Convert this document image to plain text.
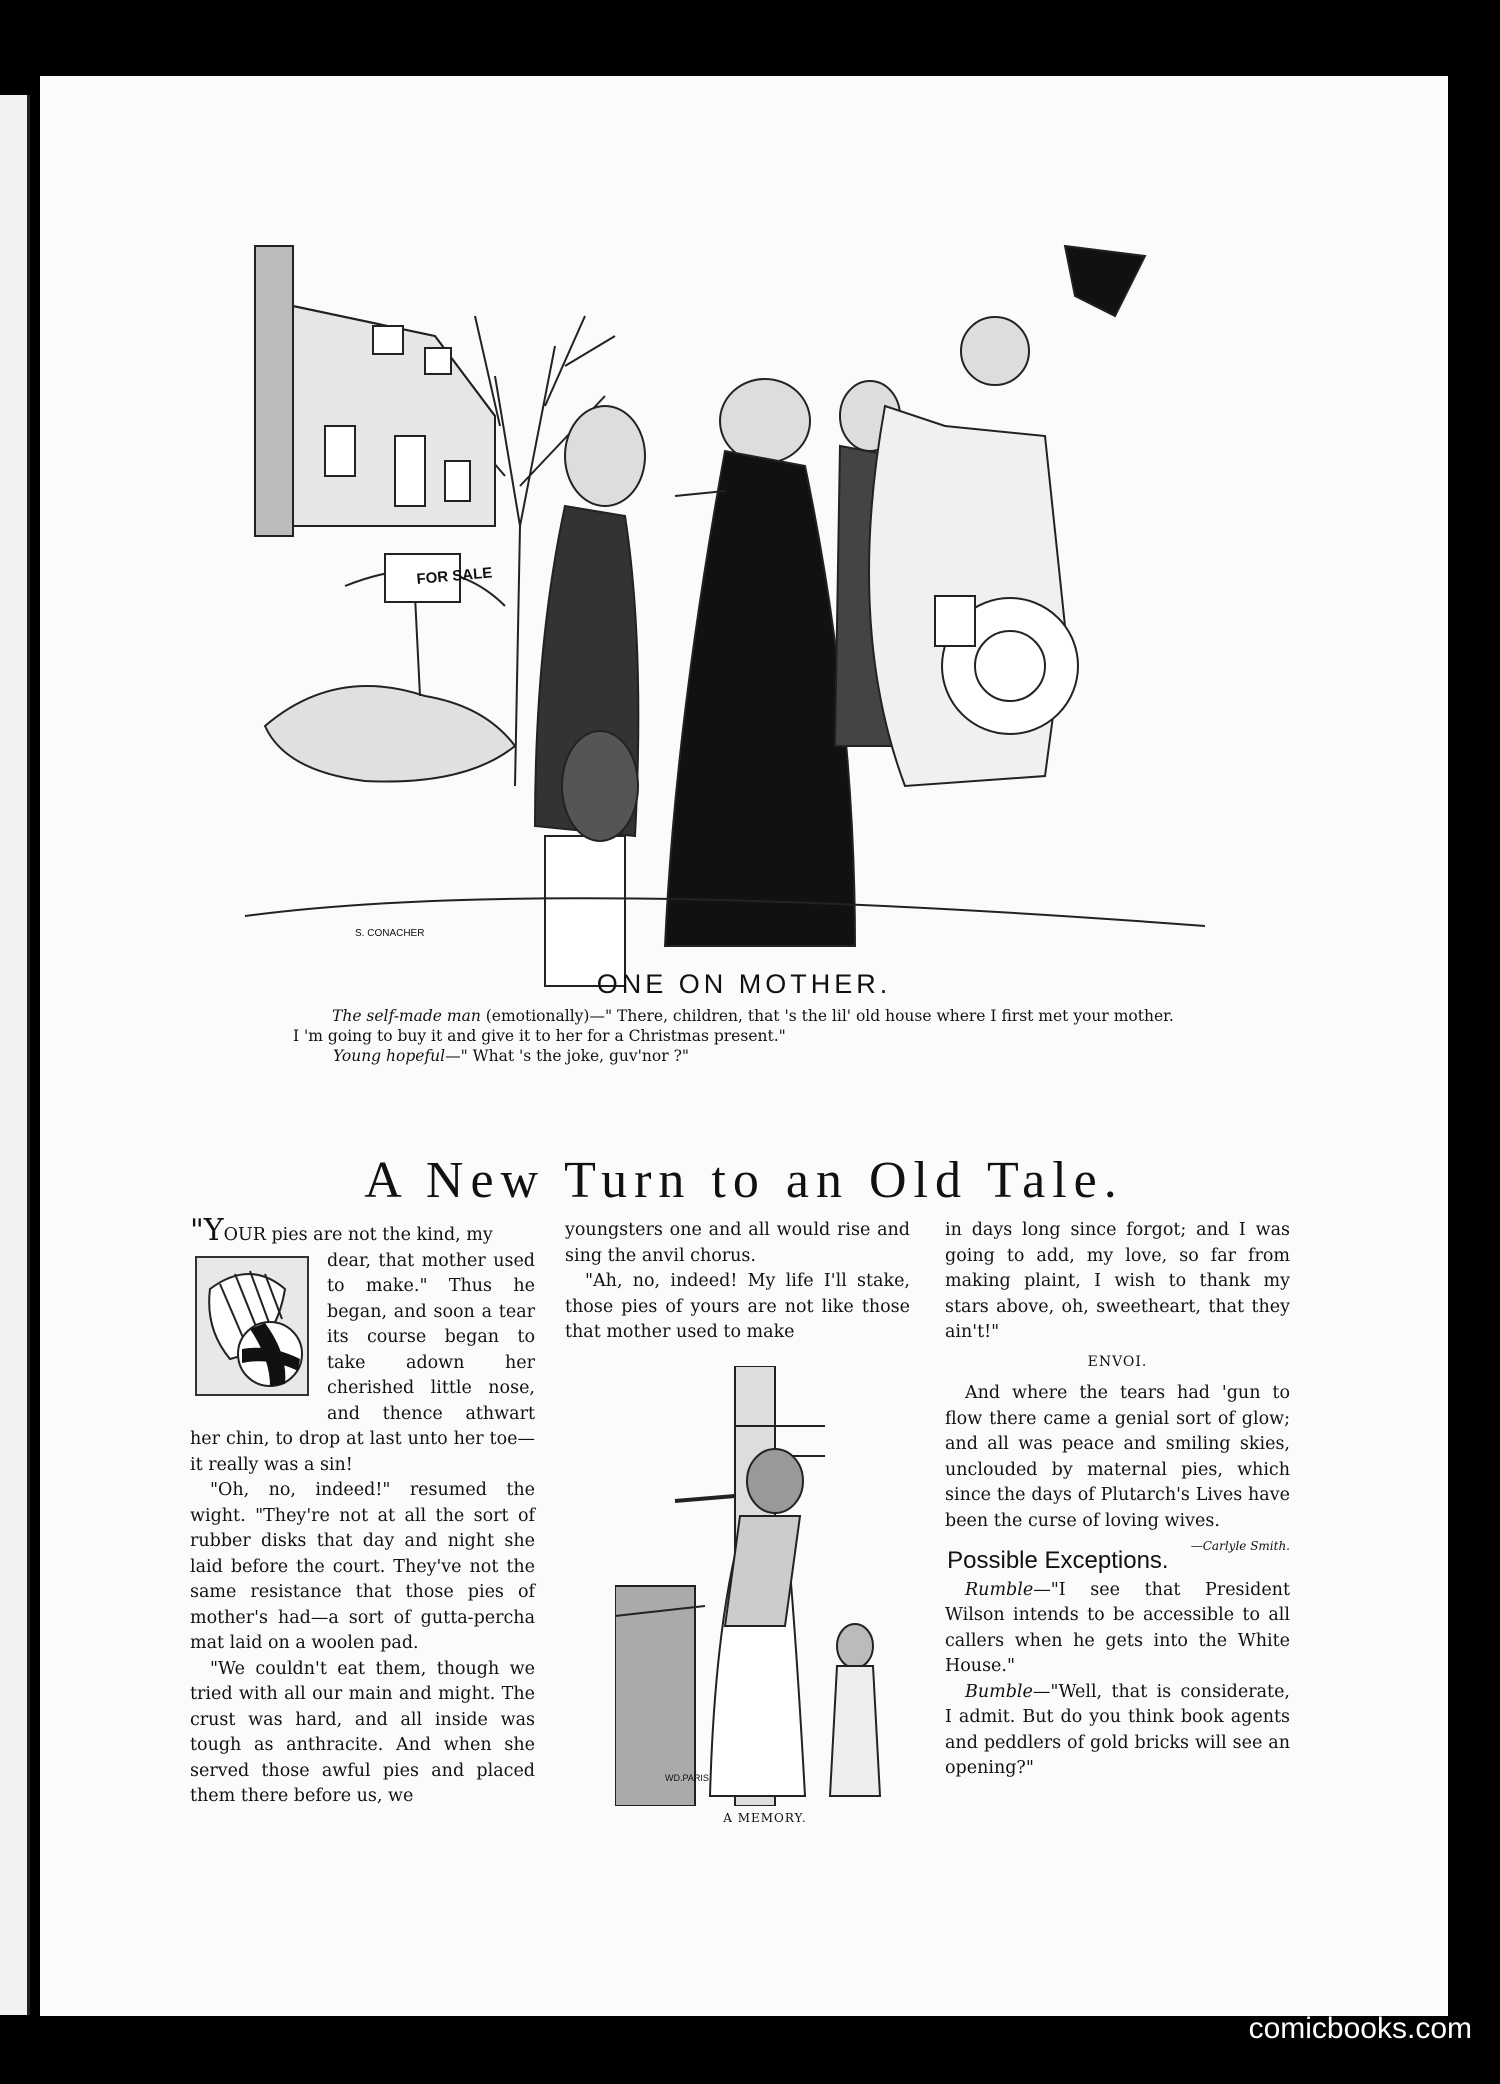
FOR SALE
S. CONACHER
ONE ON MOTHER.
The self-made man (emotionally)—" There, children, that 's the lil' old house where I first met your mother.
I 'm going to buy it and give it to her for a Christmas present."
Young hopeful—" What 's the joke, guv'nor ?"
A New Turn to an Old Tale.

"YOUR pies are not the kind, my

dear, that mother used to make." Thus he began, and soon a tear its course began to take adown her cherished little nose, and thence athwart her chin, to drop at last unto her toe—it really was a sin!

"Oh, no, indeed!" resumed the wight. "They're not at all the sort of rubber disks that day and night she laid before the court. They've not the same resistance that those pies of mother's had—a sort of gutta-percha mat laid on a woolen pad.

"We couldn't eat them, though we tried with all our main and might. The crust was hard, and all inside was tough as anthracite. And when she served those awful pies and placed them there before us, we

youngsters one and all would rise and sing the anvil chorus.

"Ah, no, indeed! My life I'll stake, those pies of yours are not like those that mother used to make

WD.PARIS
A MEMORY.

in days long since forgot; and I was going to add, my love, so far from making plaint, I wish to thank my stars above, oh, sweetheart, that they ain't!"

ENVOI.

And where the tears had 'gun to flow there came a genial sort of glow; and all was peace and smiling skies, unclouded by maternal pies, which since the days of Plutarch's Lives have been the curse of loving wives.
—Carlyle Smith.

Possible Exceptions.

Rumble—"I see that President Wilson intends to be accessible to all callers when he gets into the White House."

Bumble—"Well, that is considerate, I admit. But do you think book agents and peddlers of gold bricks will see an opening?"

comicbooks.com
